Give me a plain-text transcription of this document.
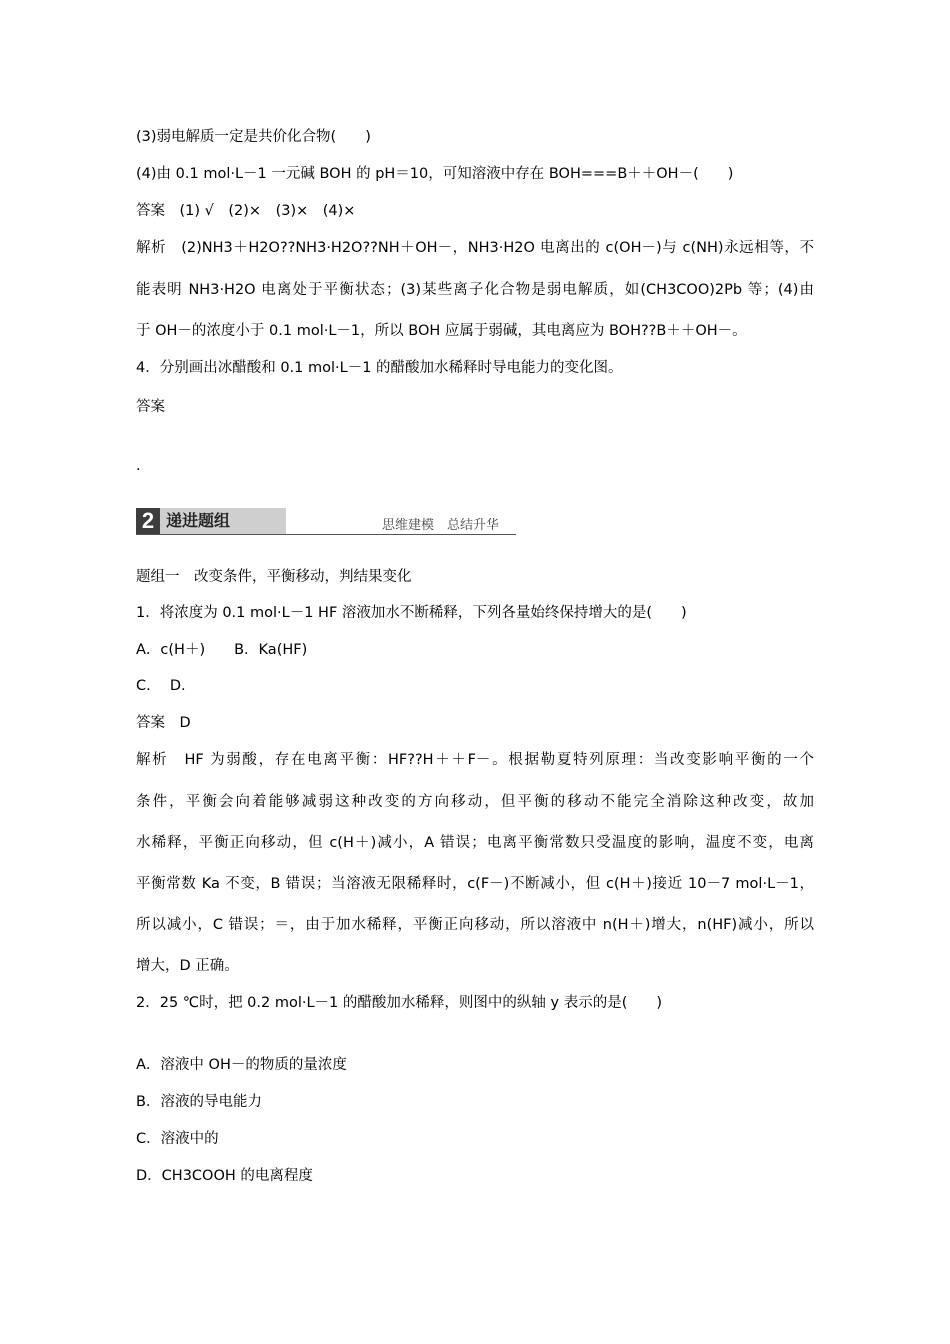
(3)弱电解质一定是共价化合物(　　)
(4)由 0.1 mol·L－1 一元碱 BOH 的 pH＝10，可知溶液中存在 BOH===B＋＋OH－(　　)
答案　(1) √　(2)×　(3)×　(4)×
解析　(2)NH3＋H2O??NH3·H2O??NH＋OH－，NH3·H2O 电离出的 c(OH－)与 c(NH)永远相等，不
能表明 NH3·H2O 电离处于平衡状态；(3)某些离子化合物是弱电解质，如(CH3COO)2Pb 等；(4)由
于 OH－的浓度小于 0.1 mol·L－1，所以 BOH 应属于弱碱，其电离应为 BOH??B＋＋OH－。
4．分别画出冰醋酸和 0.1 mol·L－1 的醋酸加水稀释时导电能力的变化图。
答案
.
2 递进题组	思维建模　总结升华
题组一　改变条件，平衡移动，判结果变化
1．将浓度为 0.1 mol·L－1 HF 溶液加水不断稀释，下列各量始终保持增大的是(　　)
A．c(H＋)　　B．Ka(HF)
C.　 D.
答案　D
解析　HF 为弱酸，存在电离平衡：HF??H＋＋F－。根据勒夏特列原理：当改变影响平衡的一个
条件，平衡会向着能够减弱这种改变的方向移动，但平衡的移动不能完全消除这种改变，故加
水稀释，平衡正向移动，但 c(H＋)减小，A 错误；电离平衡常数只受温度的影响，温度不变，电离
平衡常数 Ka 不变，B 错误；当溶液无限稀释时，c(F－)不断减小，但 c(H＋)接近 10－7 mol·L－1，
所以减小，C 错误；＝，由于加水稀释，平衡正向移动，所以溶液中 n(H＋)增大，n(HF)减小，所以
增大，D 正确。
2．25 ℃时，把 0.2 mol·L－1 的醋酸加水稀释，则图中的纵轴 y 表示的是(　　)
A．溶液中 OH－的物质的量浓度
B．溶液的导电能力
C．溶液中的
D．CH3COOH 的电离程度
